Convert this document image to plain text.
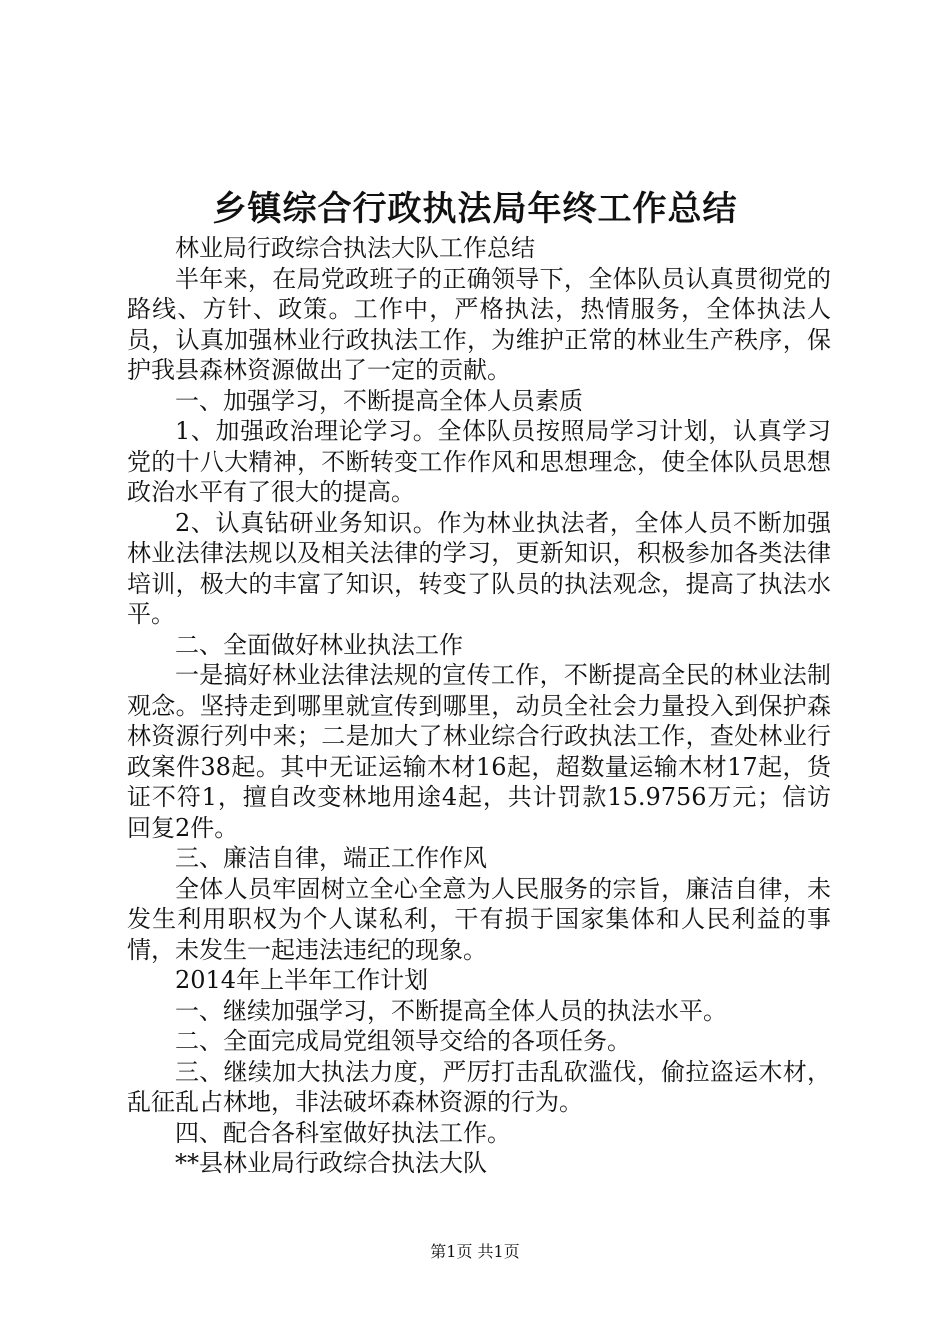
乡镇综合行政执法局年终工作总结

林业局行政综合执法大队工作总结

半年来，在局党政班子的正确领导下，全体队员认真贯彻党的路线、方针、政策。工作中，严格执法，热情服务，全体执法人员，认真加强林业行政执法工作，为维护正常的林业生产秩序，保护我县森林资源做出了一定的贡献。

一、加强学习，不断提高全体人员素质

1、加强政治理论学习。全体队员按照局学习计划，认真学习党的十八大精神，不断转变工作作风和思想理念，使全体队员思想政治水平有了很大的提高。

2、认真钻研业务知识。作为林业执法者，全体人员不断加强林业法律法规以及相关法律的学习，更新知识，积极参加各类法律培训，极大的丰富了知识，转变了队员的执法观念，提高了执法水平。

二、全面做好林业执法工作

一是搞好林业法律法规的宣传工作，不断提高全民的林业法制观念。坚持走到哪里就宣传到哪里，动员全社会力量投入到保护森林资源行列中来；二是加大了林业综合行政执法工作，查处林业行政案件38起。其中无证运输木材16起，超数量运输木材17起，货证不符1，擅自改变林地用途4起，共计罚款15.9756万元；信访回复2件。

三、廉洁自律，端正工作作风

全体人员牢固树立全心全意为人民服务的宗旨，廉洁自律，未发生利用职权为个人谋私利，干有损于国家集体和人民利益的事情，未发生一起违法违纪的现象。

2014年上半年工作计划

一、继续加强学习，不断提高全体人员的执法水平。

二、全面完成局党组领导交给的各项任务。

三、继续加大执法力度，严厉打击乱砍滥伐，偷拉盗运木材，乱征乱占林地，非法破坏森林资源的行为。

四、配合各科室做好执法工作。

**县林业局行政综合执法大队

第1页 共1页
